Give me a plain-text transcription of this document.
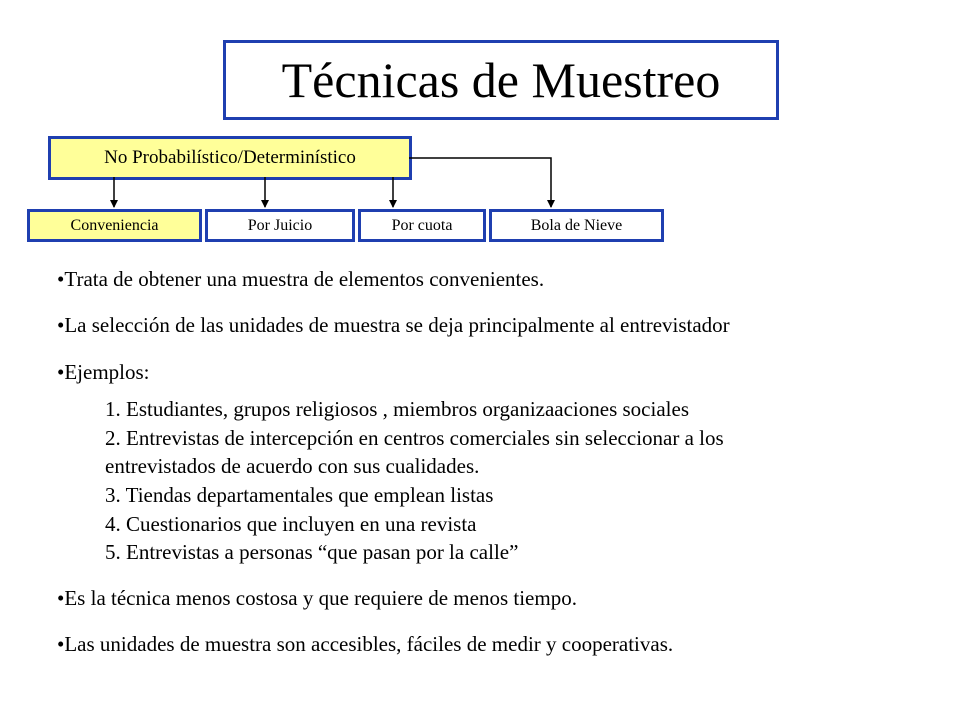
Técnicas de Muestreo
No Probabilístico/Determinístico
Conveniencia	Por Juicio	Por cuota	Bola de Nieve
• Trata de obtener una muestra de elementos convenientes.
• La selección de las unidades de muestra se deja principalmente al entrevistador
• Ejemplos:
1. Estudiantes, grupos religiosos , miembros organizaaciones sociales
2. Entrevistas de intercepción en centros comerciales sin seleccionar a los
entrevistados de acuerdo con sus cualidades.
3. Tiendas departamentales que emplean listas
4. Cuestionarios que incluyen en una revista
5. Entrevistas a personas “que pasan por la calle”
• Es la técnica menos costosa y que requiere de menos tiempo.
• Las unidades de muestra son accesibles, fáciles de medir y cooperativas.
